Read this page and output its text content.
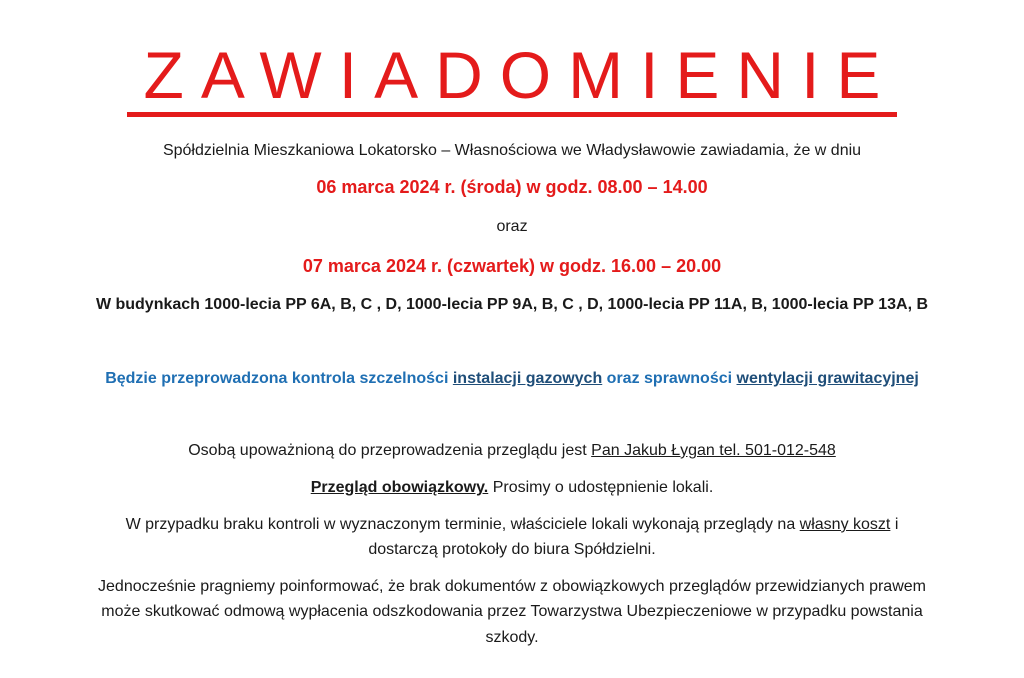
ZAWIADOMIENIE
Spółdzielnia Mieszkaniowa Lokatorsko – Własnościowa we Władysławowie zawiadamia, że w dniu
06 marca 2024 r. (środa) w godz. 08.00 – 14.00
oraz
07 marca 2024 r. (czwartek) w godz. 16.00 – 20.00
W budynkach 1000-lecia PP 6A, B, C , D, 1000-lecia PP 9A, B, C , D, 1000-lecia PP 11A, B, 1000-lecia PP 13A, B
Będzie przeprowadzona kontrola szczelności instalacji gazowych oraz sprawności wentylacji grawitacyjnej
Osobą upoważnioną do przeprowadzenia przeglądu jest Pan Jakub Łygan tel. 501-012-548
Przegląd obowiązkowy. Prosimy o udostępnienie lokali.
W przypadku braku kontroli w wyznaczonym terminie, właściciele lokali wykonają przeglądy na własny koszt i
dostarczą protokoły do biura Spółdzielni.
Jednocześnie pragniemy poinformować, że brak dokumentów z obowiązkowych przeglądów przewidzianych prawem
może skutkować odmową wypłacenia odszkodowania przez Towarzystwa Ubezpieczeniowe w przypadku powstania
szkody.
